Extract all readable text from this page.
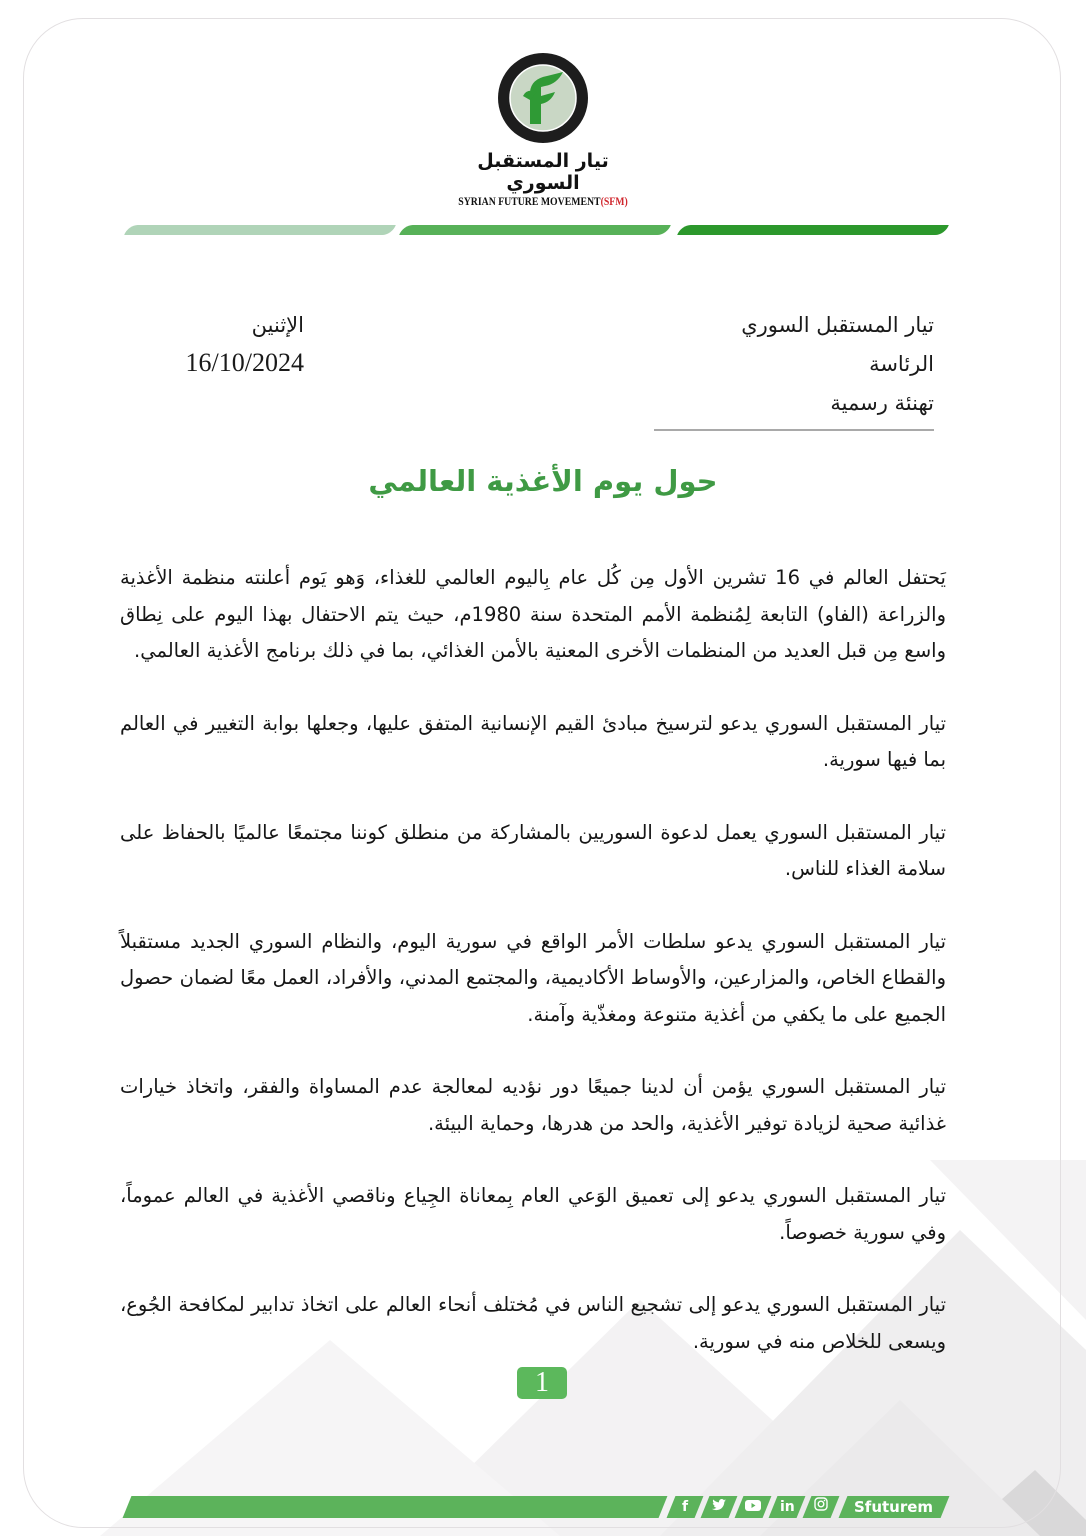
تيار المستقبل السوري
SYRIAN FUTURE MOVEMENT(SFM)
تيار المستقبل السوري
الرئاسة
تهنئة رسمية
الإثنين
16/10/2024
حول يوم الأغذية العالمي

يَحتفل العالم في 16 تشرين الأول مِن كُل عام بِاليوم العالمي للغذاء، وَهو يَوم أعلنته منظمة الأغذية والزراعة (الفاو) التابعة لِمُنظمة الأمم المتحدة سنة 1980م، حيث يتم الاحتفال بهذا اليوم على نِطاق واسع مِن قبل العديد من المنظمات الأخرى المعنية بالأمن الغذائي، بما في ذلك برنامج الأغذية العالمي.

تيار المستقبل السوري يدعو لترسيخ مبادئ القيم الإنسانية المتفق عليها، وجعلها بوابة التغيير في العالم بما فيها سورية.

تيار المستقبل السوري يعمل لدعوة السوريين بالمشاركة من منطلق كوننا مجتمعًا عالميًا بالحفاظ على سلامة الغذاء للناس.

تيار المستقبل السوري يدعو سلطات الأمر الواقع في سورية اليوم، والنظام السوري الجديد مستقبلاً والقطاع الخاص، والمزارعين، والأوساط الأكاديمية، والمجتمع المدني، والأفراد، العمل معًا لضمان حصول الجميع على ما يكفي من أغذية متنوعة ومغذّية وآمنة.

تيار المستقبل السوري يؤمن أن لدينا جميعًا دور نؤديه لمعالجة عدم المساواة والفقر، واتخاذ خيارات غذائية صحية لزيادة توفير الأغذية، والحد من هدرها، وحماية البيئة.

تيار المستقبل السوري يدعو إلى تعميق الوَعي العام بِمعاناة الجِياع وناقصي الأغذية في العالم عموماً، وفي سورية خصوصاً.

تيار المستقبل السوري يدعو إلى تشجيع الناس في مُختلف أنحاء العالم على اتخاذ تدابير لمكافحة الجُوع، ويسعى للخلاص منه في سورية.

1
f	in	Sfuturem
